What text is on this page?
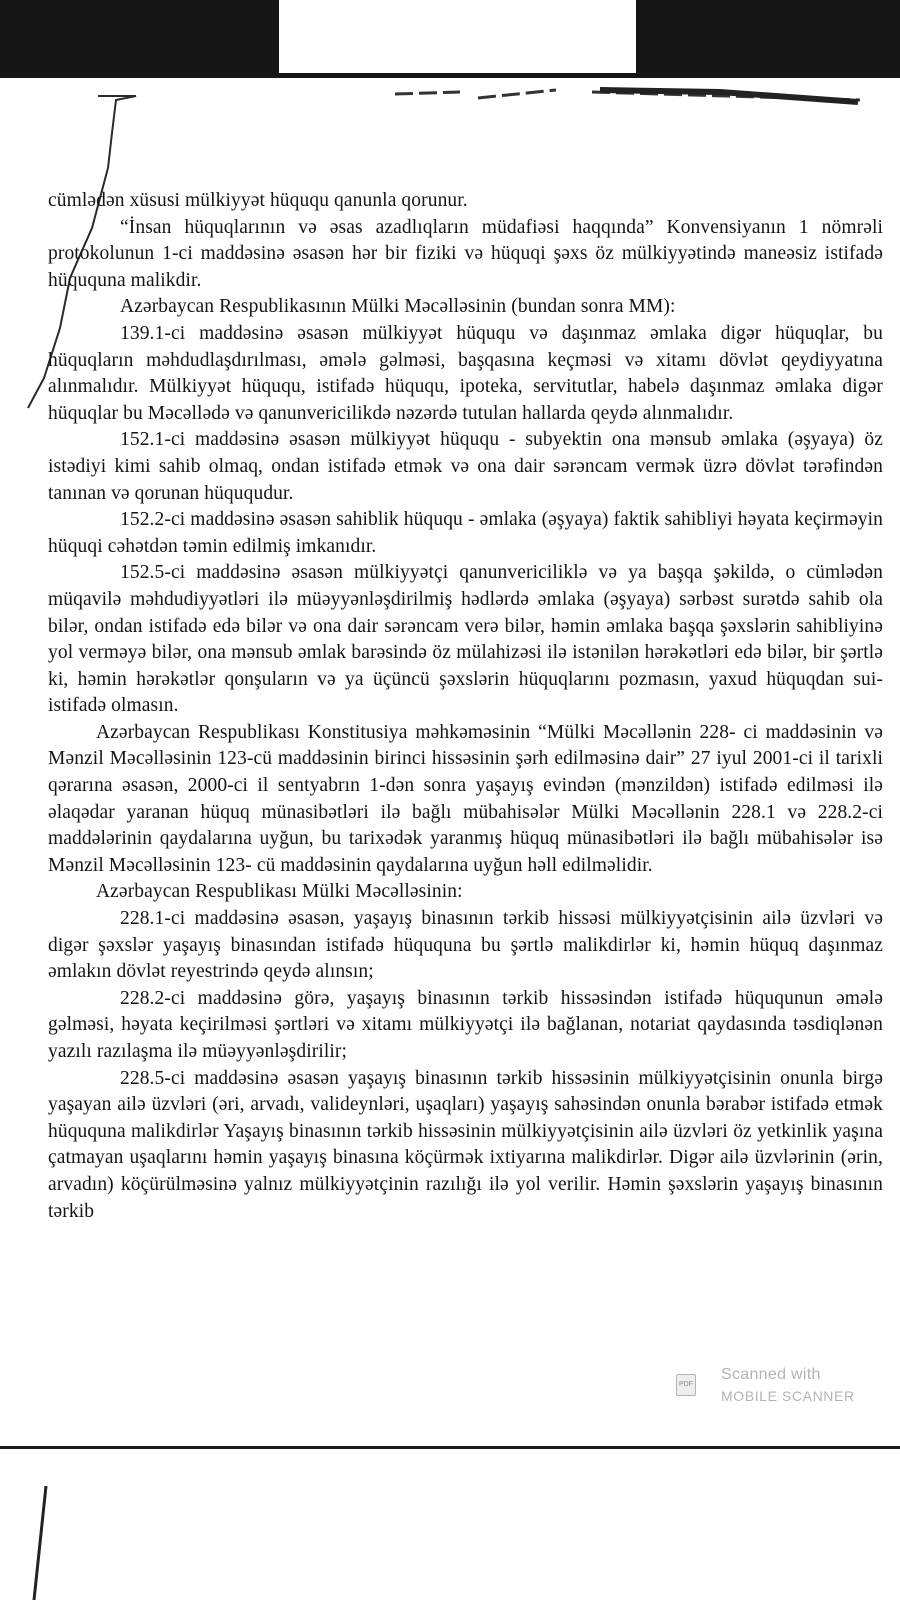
cümlədən xüsusi mülkiyyət hüququ qanunla qorunur.

“İnsan hüquqlarının və əsas azadlıqların müdafiəsi haqqında” Konvensiyanın 1 nömrəli protokolunun 1-ci maddəsinə əsasən hər bir fiziki və hüquqi şəxs öz mülkiyyətində maneəsiz istifadə hüququna malikdir.

Azərbaycan Respublikasının Mülki Məcəlləsinin (bundan sonra MM):

139.1-ci maddəsinə əsasən mülkiyyət hüququ və daşınmaz əmlaka digər hüquqlar, bu hüquqların məhdudlaşdırılması, əmələ gəlməsi, başqasına keçməsi və xitamı dövlət qeydiyyatına alınmalıdır. Mülkiyyət hüququ, istifadə hüququ, ipoteka, servitutlar, habelə daşınmaz əmlaka digər hüquqlar bu Məcəllədə və qanunvericilikdə nəzərdə tutulan hallarda qeydə alınmalıdır.

152.1-ci maddəsinə əsasən mülkiyyət hüququ - subyektin ona mənsub əmlaka (əşyaya) öz istədiyi kimi sahib olmaq, ondan istifadə etmək və ona dair sərəncam vermək üzrə dövlət tərəfindən tanınan və qorunan hüququdur.

152.2-ci maddəsinə əsasən sahiblik hüququ - əmlaka (əşyaya) faktik sahibliyi həyata keçirməyin hüquqi cəhətdən təmin edilmiş imkanıdır.

152.5-ci maddəsinə əsasən mülkiyyətçi qanunvericiliklə və ya başqa şəkildə, o cümlədən müqavilə məhdudiyyətləri ilə müəyyənləşdirilmiş hədlərdə əmlaka (əşyaya) sərbəst surətdə sahib ola bilər, ondan istifadə edə bilər və ona dair sərəncam verə bilər, həmin əmlaka başqa şəxslərin sahibliyinə yol verməyə bilər, ona mənsub əmlak barəsində öz mülahizəsi ilə istənilən hərəkətləri edə bilər, bir şərtlə ki, həmin hərəkətlər qonşuların və ya üçüncü şəxslərin hüquqlarını pozmasın, yaxud hüquqdan sui-istifadə olmasın.

Azərbaycan Respublikası Konstitusiya məhkəməsinin “Mülki Məcəllənin 228- ci maddəsinin və Mənzil Məcəlləsinin 123-cü maddəsinin birinci hissəsinin şərh edilməsinə dair” 27 iyul 2001-ci il tarixli qərarına əsasən, 2000-ci il sentyabrın 1-dən sonra yaşayış evindən (mənzildən) istifadə edilməsi ilə əlaqədar yaranan hüquq münasibətləri ilə bağlı mübahisələr Mülki Məcəllənin 228.1 və 228.2-ci maddələrinin qaydalarına uyğun, bu tarixədək yaranmış hüquq münasibətləri ilə bağlı mübahisələr isə Mənzil Məcəlləsinin 123- cü maddəsinin qaydalarına uyğun həll edilməlidir.

Azərbaycan Respublikası Mülki Məcəlləsinin:

228.1-ci maddəsinə əsasən, yaşayış binasının tərkib hissəsi mülkiyyətçisinin ailə üzvləri və digər şəxslər yaşayış binasından istifadə hüququna bu şərtlə malikdirlər ki, həmin hüquq daşınmaz əmlakın dövlət reyestrində qeydə alınsın;

228.2-ci maddəsinə görə, yaşayış binasının tərkib hissəsindən istifadə hüququnun əmələ gəlməsi, həyata keçirilməsi şərtləri və xitamı mülkiyyətçi ilə bağlanan, notariat qaydasında təsdiqlənən yazılı razılaşma ilə müəyyənləşdirilir;

228.5-ci maddəsinə əsasən yaşayış binasının tərkib hissəsinin mülkiyyətçisinin onunla birgə yaşayan ailə üzvləri (əri, arvadı, valideynləri, uşaqları) yaşayış sahəsindən onunla bərabər istifadə etmək hüququna malikdirlər Yaşayış binasının tərkib hissəsinin mülkiyyətçisinin ailə üzvləri öz yetkinlik yaşına çatmayan uşaqlarını həmin yaşayış binasına köçürmək ixtiyarına malikdirlər. Digər ailə üzvlərinin (ərin, arvadın) köçürülməsinə yalnız mülkiyyətçinin razılığı ilə yol verilir. Həmin şəxslərin yaşayış binasının tərkib

PDF
Scanned with
MOBILE SCANNER
